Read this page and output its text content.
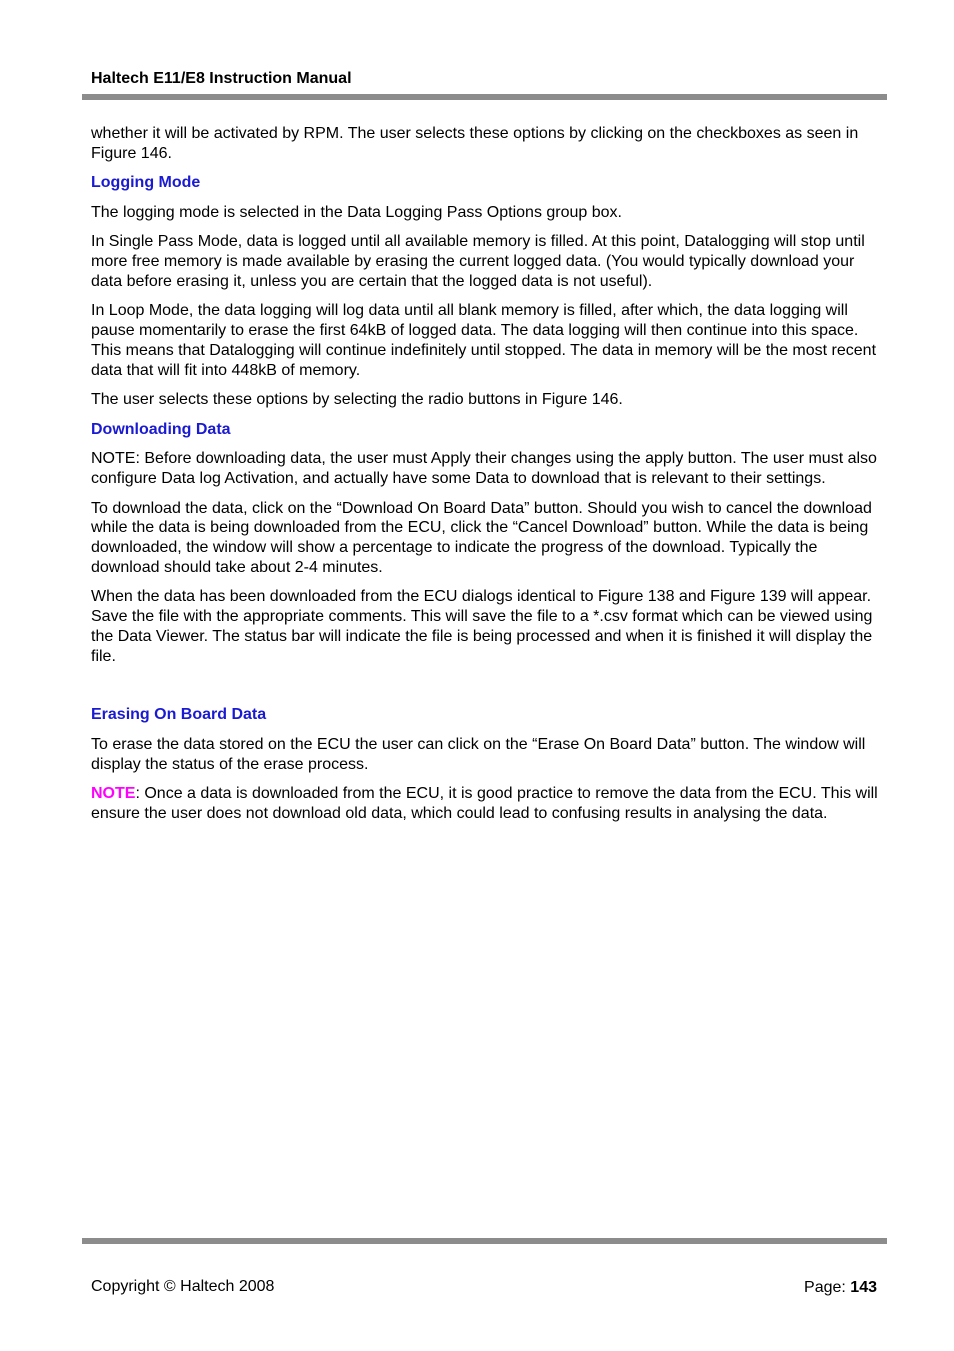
Haltech E11/E8 Instruction Manual

whether it will be activated by RPM. The user selects these options by clicking on the checkboxes as seen in Figure 146.

Logging Mode

The logging mode is selected in the Data Logging Pass Options group box.

In Single Pass Mode, data is logged until all available memory is filled. At this point, Datalogging will stop until more free memory is made available by erasing the current logged data. (You would typically download your data before erasing it, unless you are certain that the logged data is not useful).

In Loop Mode, the data logging will log data until all blank memory is filled, after which, the data logging will pause momentarily to erase the first 64kB of logged data. The data logging will then continue into this space. This means that Datalogging will continue indefinitely until stopped. The data in memory will be the most recent data that will fit into 448kB of memory.

The user selects these options by selecting the radio buttons in Figure 146.

Downloading Data

NOTE: Before downloading data, the user must Apply their changes using the apply button. The user must also configure Data log Activation, and actually have some Data to download that is relevant to their settings.

To download the data, click on the “Download On Board Data” button. Should you wish to cancel the download while the data is being downloaded from the ECU, click the “Cancel Download” button. While the data is being downloaded, the window will show a percentage to indicate the progress of the download. Typically the download should take about 2-4 minutes.

When the data has been downloaded from the ECU dialogs identical to Figure 138 and Figure 139 will appear. Save the file with the appropriate comments. This will save the file to a *.csv format which can be viewed using the Data Viewer. The status bar will indicate the file is being processed and when it is finished it will display the file.

Erasing On Board Data

To erase the data stored on the ECU the user can click on the “Erase On Board Data” button. The window will display the status of the erase process.

NOTE: Once a data is downloaded from the ECU, it is good practice to remove the data from the ECU. This will ensure the user does not download old data, which could lead to confusing results in analysing the data.

Copyright © Haltech 2008	Page: 143
